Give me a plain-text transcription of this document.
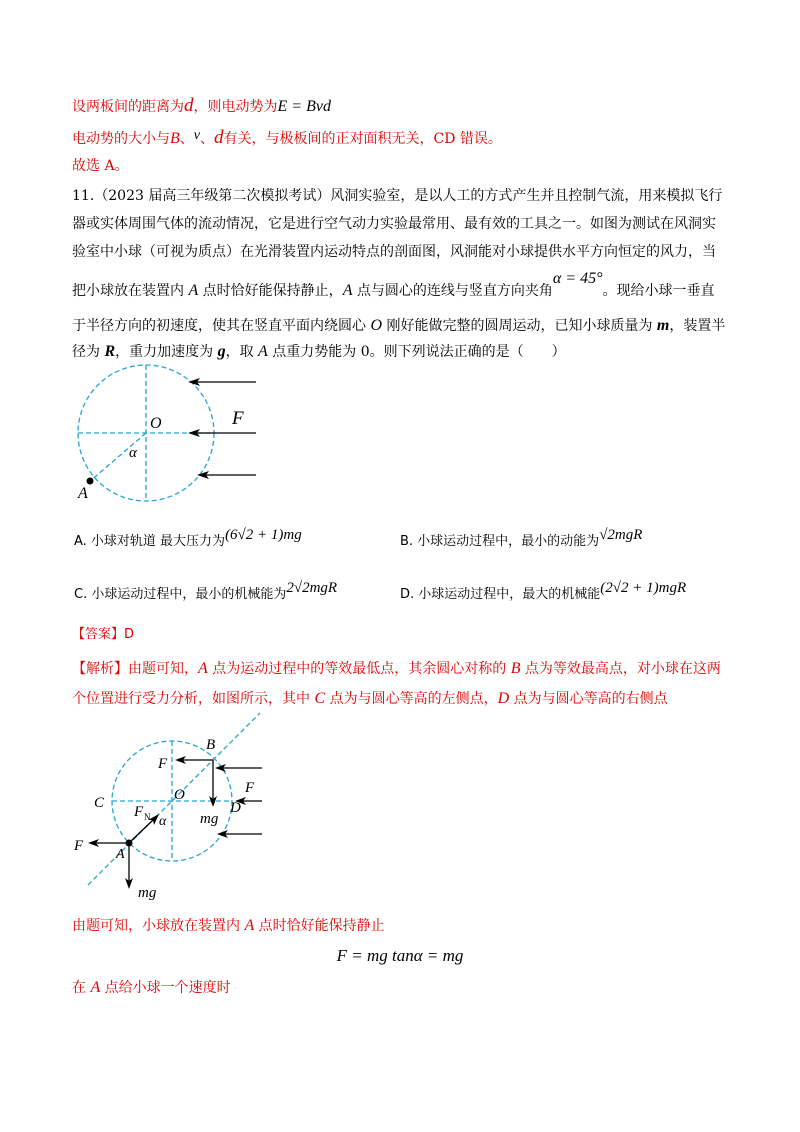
设两板间的距离为d，则电动势为E = Bvd
电动势的大小与B、v、d有关，与极板间的正对面积无关，CD 错误。
故选 A。
11.（2023 届高三年级第二次模拟考试）风洞实验室，是以人工的方式产生并且控制气流，用来模拟飞行
器或实体周围气体的流动情况，它是进行空气动力实验最常用、最有效的工具之一。如图为测试在风洞实
验室中小球（可视为质点）在光滑装置内运动特点的剖面图，风洞能对小球提供水平方向恒定的风力，当
把小球放在装置内 A 点时恰好能保持静止，A 点与圆心的连线与竖直方向夹角α = 45°。现给小球一垂直
于半径方向的初速度，使其在竖直平面内绕圆心 O 刚好能做完整的圆周运动，已知小球质量为 m，装置半
径为 R，重力加速度为 g，取 A 点重力势能为 0。则下列说法正确的是（　　）
O	F
α
A
A. 小球对轨道 最大压力为(6√2 + 1)mg	B. 小球运动过程中，最小的动能为√2mgR
C. 小球运动过程中，最小的机械能为2√2mgR	D. 小球运动过程中，最大的机械能(2√2 + 1)mgR
【答案】D
【解析】由题可知，A 点为运动过程中的等效最低点，其余圆心对称的 B 点为等效最高点，对小球在这两
个位置进行受力分析，如图所示，其中 C 点为与圆心等高的左侧点，D 点为与圆心等高的右侧点
B
F
F
O
C	D
F N α mg
F
A
mg
由题可知，小球放在装置内 A 点时恰好能保持静止
F = mg tanα = mg
在 A 点给小球一个速度时
